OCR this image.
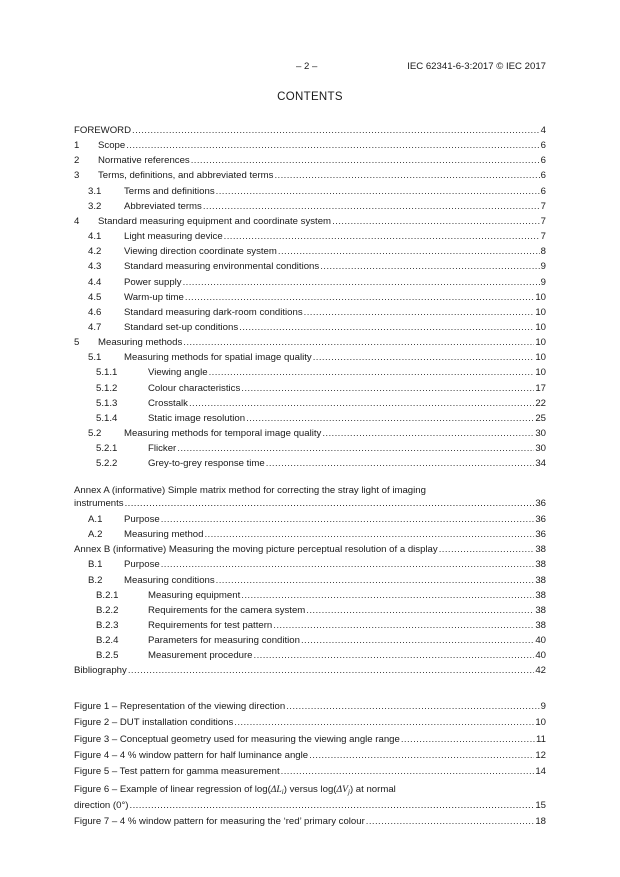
– 2 –	IEC 62341-6-3:2017 © IEC 2017
CONTENTS
FOREWORD .....	4
1	Scope .....	6
2	Normative references .....	6
3	Terms, definitions, and abbreviated terms .....	6
3.1	Terms and definitions .....	6
3.2	Abbreviated terms .....	7
4	Standard measuring equipment and coordinate system .....	7
4.1	Light measuring device .....	7
4.2	Viewing direction coordinate system .....	8
4.3	Standard measuring environmental conditions .....	9
4.4	Power supply .....	9
4.5	Warm-up time .....	10
4.6	Standard measuring dark-room conditions .....	10
4.7	Standard set-up conditions .....	10
5	Measuring methods .....	10
5.1	Measuring methods for spatial image quality .....	10
5.1.1	Viewing angle .....	10
5.1.2	Colour characteristics .....	17
5.1.3	Crosstalk .....	22
5.1.4	Static image resolution .....	25
5.2	Measuring methods for temporal image quality .....	30
5.2.1	Flicker .....	30
5.2.2	Grey-to-grey response time .....	34
Annex A (informative) Simple matrix method for correcting the stray light of imaging
instruments .....	36
A.1	Purpose .....	36
A.2	Measuring method .....	36
Annex B (informative) Measuring the moving picture perceptual resolution of a display .....	38
B.1	Purpose .....	38
B.2	Measuring conditions .....	38
B.2.1	Measuring equipment .....	38
B.2.2	Requirements for the camera system .....	38
B.2.3	Requirements for test pattern .....	38
B.2.4	Parameters for measuring condition .....	40
B.2.5	Measurement procedure .....	40
Bibliography .....	42
Figure 1 – Representation of the viewing direction .....	9
Figure 2 – DUT installation conditions .....	10
Figure 3 – Conceptual geometry used for measuring the viewing angle range .....	11
Figure 4 – 4 % window pattern for half luminance angle .....	12
Figure 5 – Test pattern for gamma measurement .....	14
Figure 6 – Example of linear regression of $\log(\Delta L_i)$ versus $\log(\Delta V_j)$ at normal
direction (0°) .....	15
Figure 7 – 4 % window pattern for measuring the ‘red’ primary colour .....	18
